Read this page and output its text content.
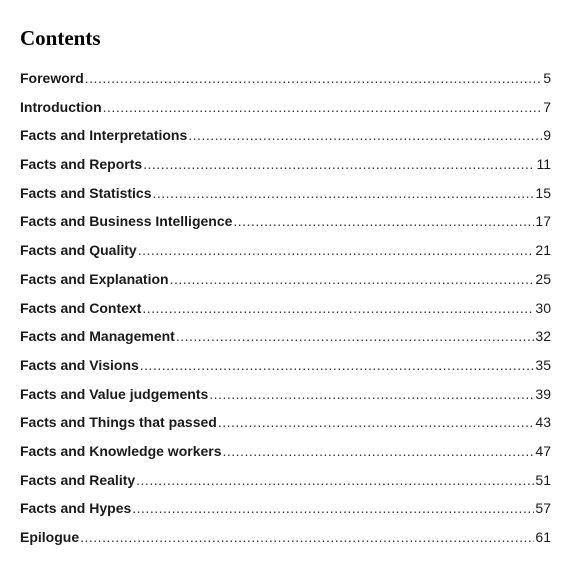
Contents
Foreword .....	5
Introduction .....	7
Facts and Interpretations .....	9
Facts and Reports .....	11
Facts and Statistics .....	15
Facts and Business Intelligence .....	17
Facts and Quality .....	21
Facts and Explanation .....	25
Facts and Context .....	30
Facts and Management .....	32
Facts and Visions .....	35
Facts and Value judgements .....	39
Facts and Things that passed .....	43
Facts and Knowledge workers .....	47
Facts and Reality .....	51
Facts and Hypes .....	57
Epilogue .....	61
